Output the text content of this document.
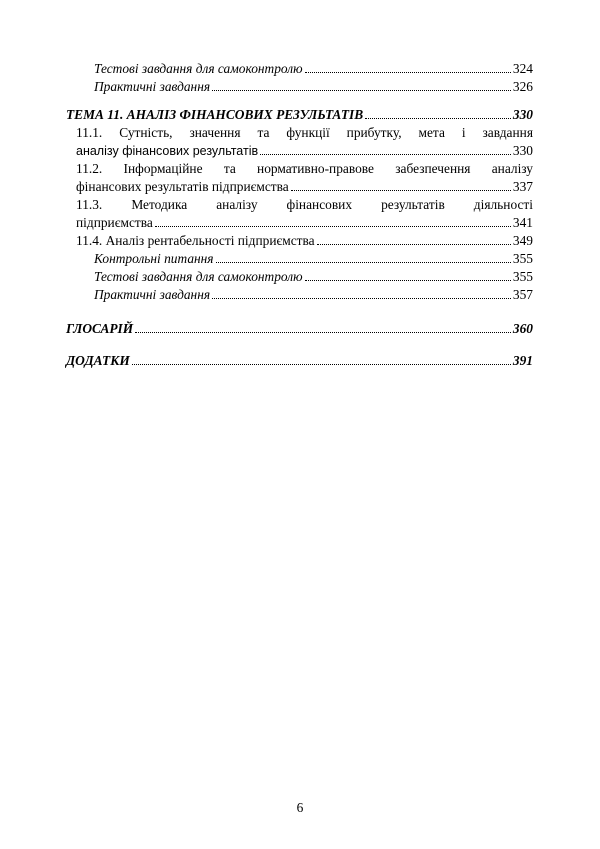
Тестові завдання для самоконтролю	324
Практичні завдання	326
ТЕМА 11. АНАЛІЗ ФІНАНСОВИХ РЕЗУЛЬТАТІВ	330
11.1. Сутність, значення та функції прибутку, мета і завдання
аналізу фінансових результатів	330
11.2. Інформаційне та нормативно-правове забезпечення аналізу
фінансових результатів підприємства	337
11.3. Методика аналізу фінансових результатів діяльності
підприємства	341
11.4. Аналіз рентабельності підприємства	349
Контрольні питання	355
Тестові завдання для самоконтролю	355
Практичні завдання	357
ГЛОСАРІЙ	360
ДОДАТКИ	391
6
